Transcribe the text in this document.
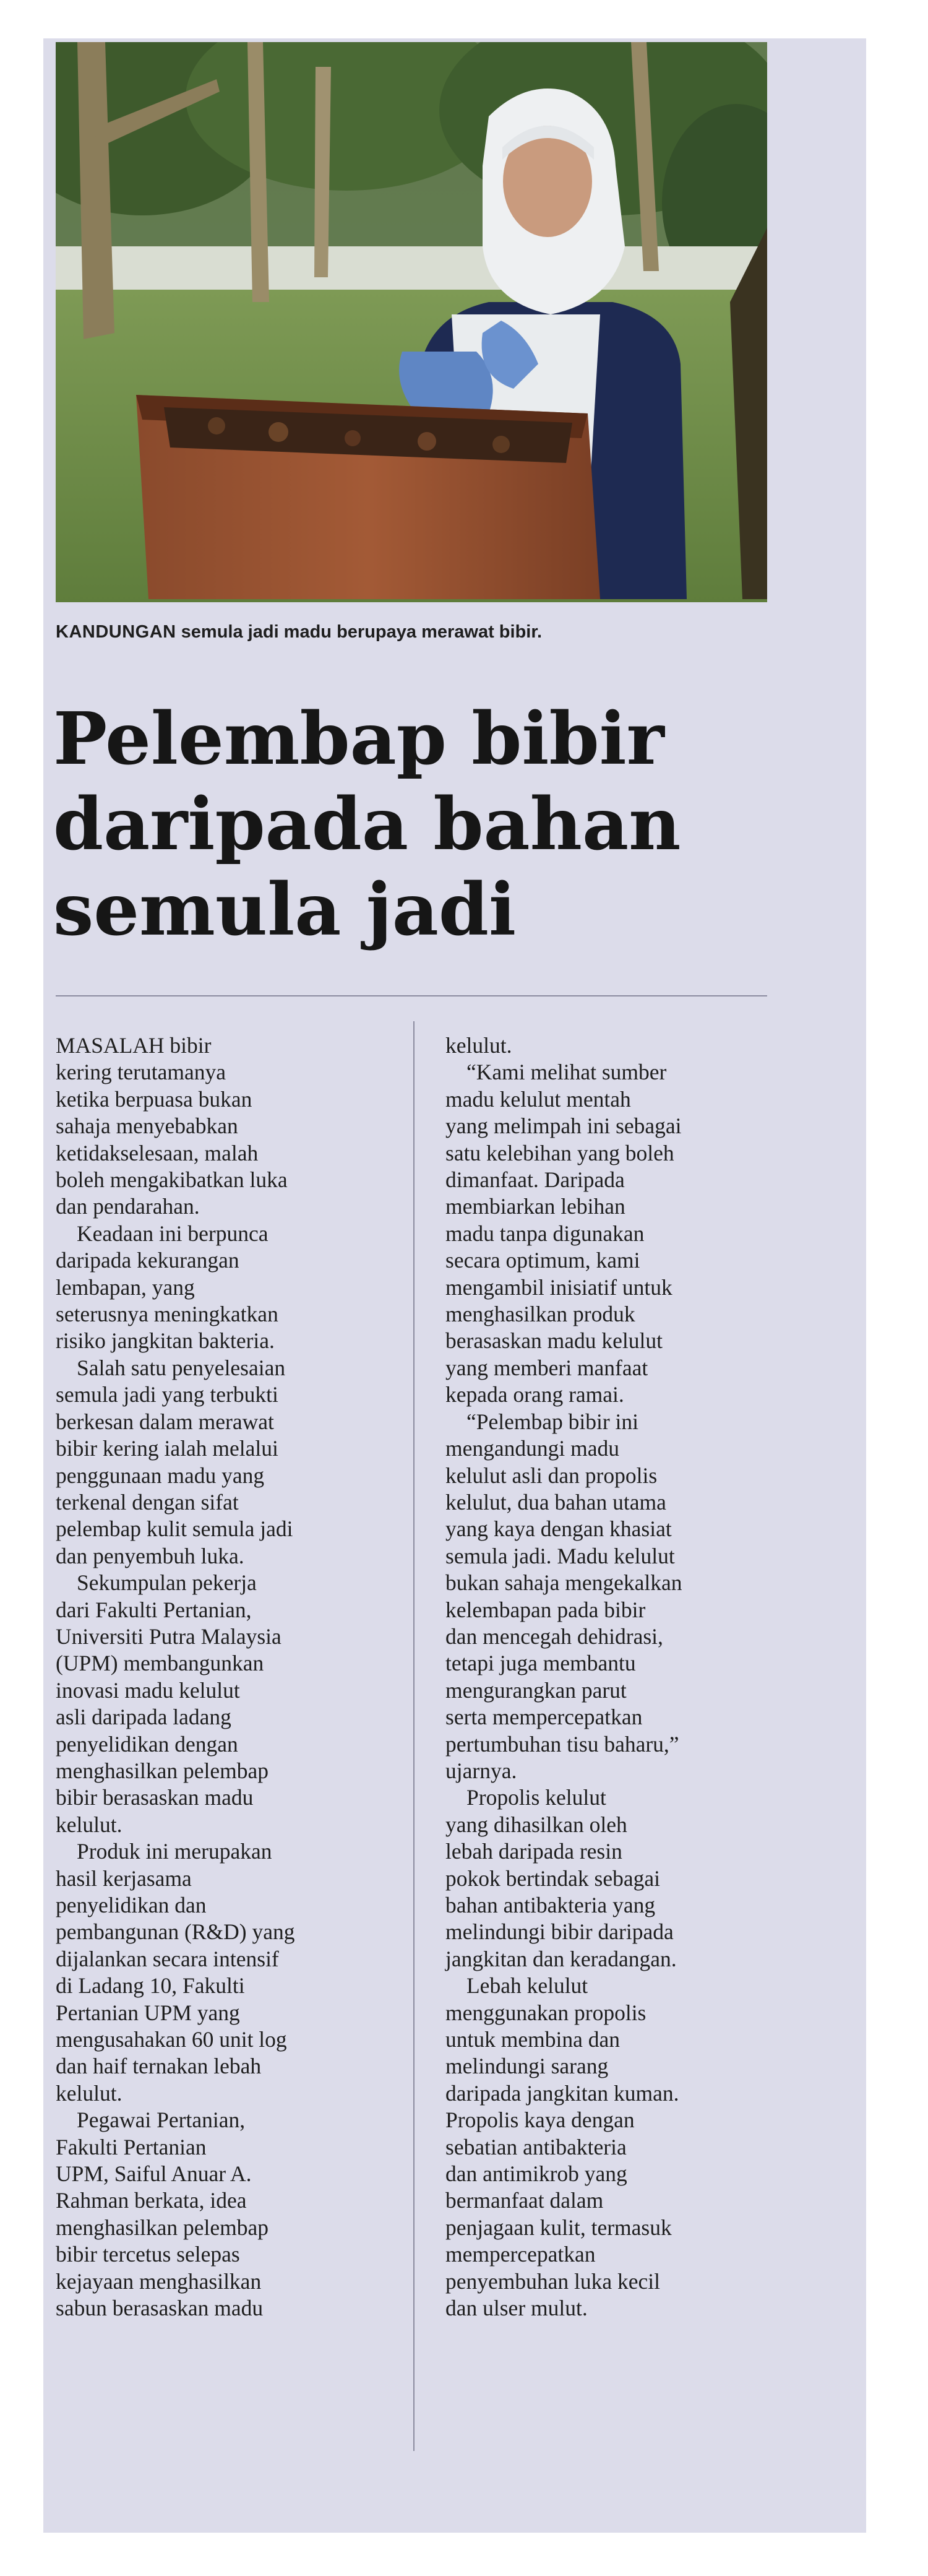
KANDUNGAN semula jadi madu berupaya merawat bibir.
Pelembap bibir
daripada bahan
semula jadi

MASALAH bibir
kering terutamanya
ketika berpuasa bukan
sahaja menyebabkan
ketidakselesaan, malah
boleh mengakibatkan luka
dan pendarahan.

Keadaan ini berpunca
daripada kekurangan
lembapan, yang
seterusnya meningkatkan
risiko jangkitan bakteria.

Salah satu penyelesaian
semula jadi yang terbukti
berkesan dalam merawat
bibir kering ialah melalui
penggunaan madu yang
terkenal dengan sifat
pelembap kulit semula jadi
dan penyembuh luka.

Sekumpulan pekerja
dari Fakulti Pertanian,
Universiti Putra Malaysia
(UPM) membangunkan
inovasi madu kelulut
asli daripada ladang
penyelidikan dengan
menghasilkan pelembap
bibir berasaskan madu
kelulut.

Produk ini merupakan
hasil kerjasama
penyelidikan dan
pembangunan (R&D) yang
dijalankan secara intensif
di Ladang 10, Fakulti
Pertanian UPM yang
mengusahakan 60 unit log
dan haif ternakan lebah
kelulut.

Pegawai Pertanian,
Fakulti Pertanian
UPM, Saiful Anuar A.
Rahman berkata, idea
menghasilkan pelembap
bibir tercetus selepas
kejayaan menghasilkan
sabun berasaskan madu

kelulut.

“Kami melihat sumber
madu kelulut mentah
yang melimpah ini sebagai
satu kelebihan yang boleh
dimanfaat. Daripada
membiarkan lebihan
madu tanpa digunakan
secara optimum, kami
mengambil inisiatif untuk
menghasilkan produk
berasaskan madu kelulut
yang memberi manfaat
kepada orang ramai.

“Pelembap bibir ini
mengandungi madu
kelulut asli dan propolis
kelulut, dua bahan utama
yang kaya dengan khasiat
semula jadi. Madu kelulut
bukan sahaja mengekalkan
kelembapan pada bibir
dan mencegah dehidrasi,
tetapi juga membantu
mengurangkan parut
serta mempercepatkan
pertumbuhan tisu baharu,”
ujarnya.

Propolis kelulut
yang dihasilkan oleh
lebah daripada resin
pokok bertindak sebagai
bahan antibakteria yang
melindungi bibir daripada
jangkitan dan keradangan.

Lebah kelulut
menggunakan propolis
untuk membina dan
melindungi sarang
daripada jangkitan kuman.
Propolis kaya dengan
sebatian antibakteria
dan antimikrob yang
bermanfaat dalam
penjagaan kulit, termasuk
mempercepatkan
penyembuhan luka kecil
dan ulser mulut.
